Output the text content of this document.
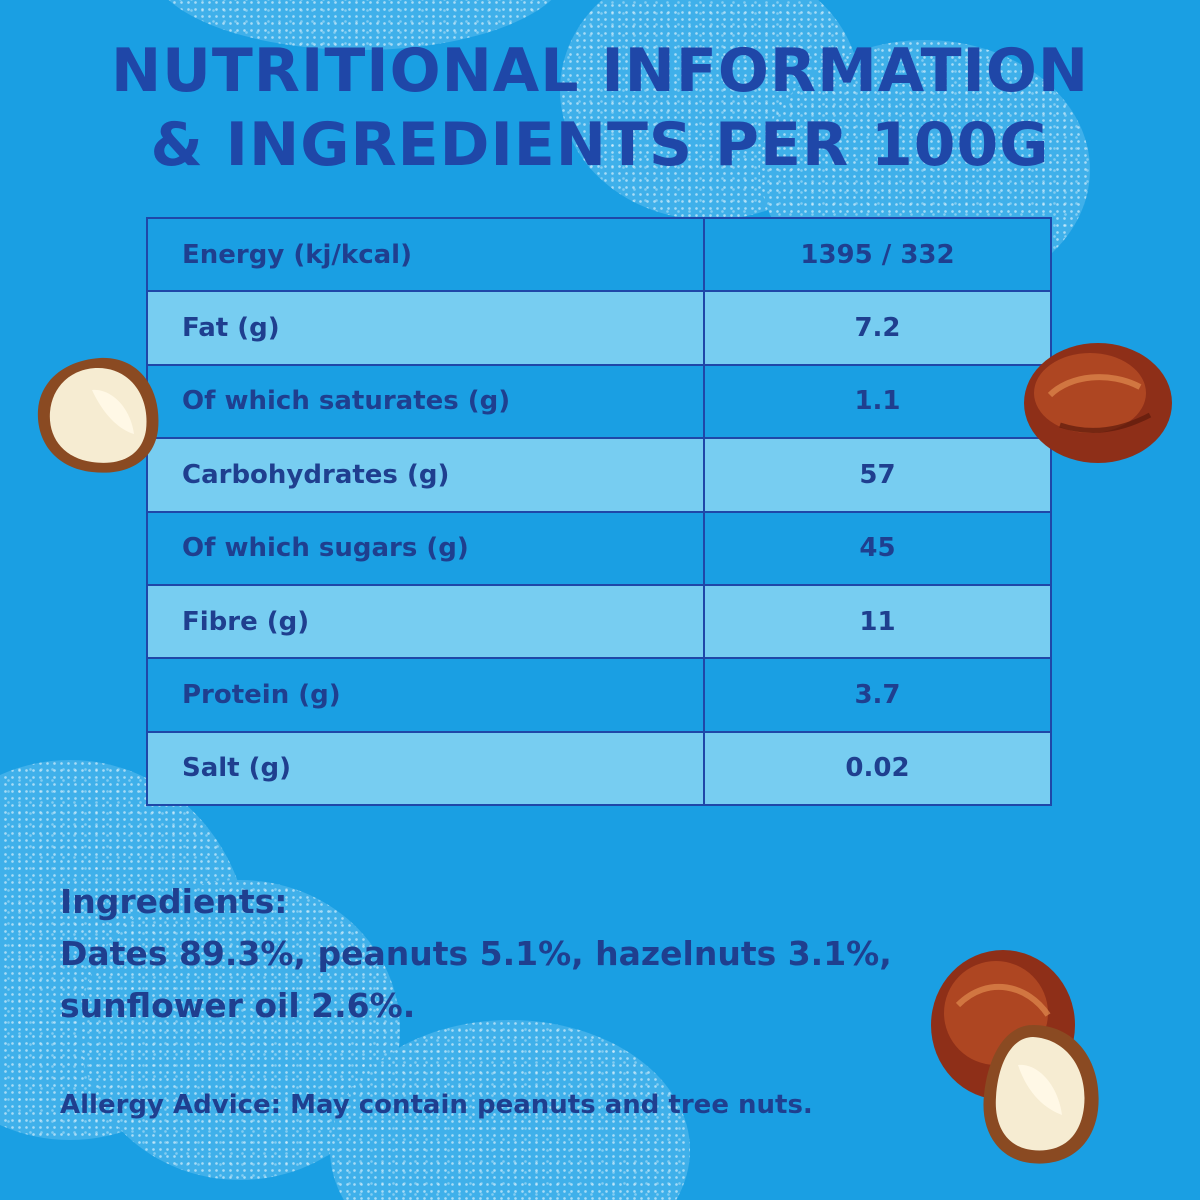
NUTRITIONAL INFORMATION
& INGREDIENTS PER 100G
Energy (kj/kcal)	1395 / 332
Fat (g)	7.2
Of which saturates (g)	1.1
Carbohydrates (g)	57
Of which sugars (g)	45
Fibre (g)	11
Protein (g)	3.7
Salt (g)	0.02
Ingredients:
Dates 89.3%, peanuts 5.1%, hazelnuts 3.1%,
sunflower oil 2.6%.
Allergy Advice: May contain peanuts and tree nuts.
